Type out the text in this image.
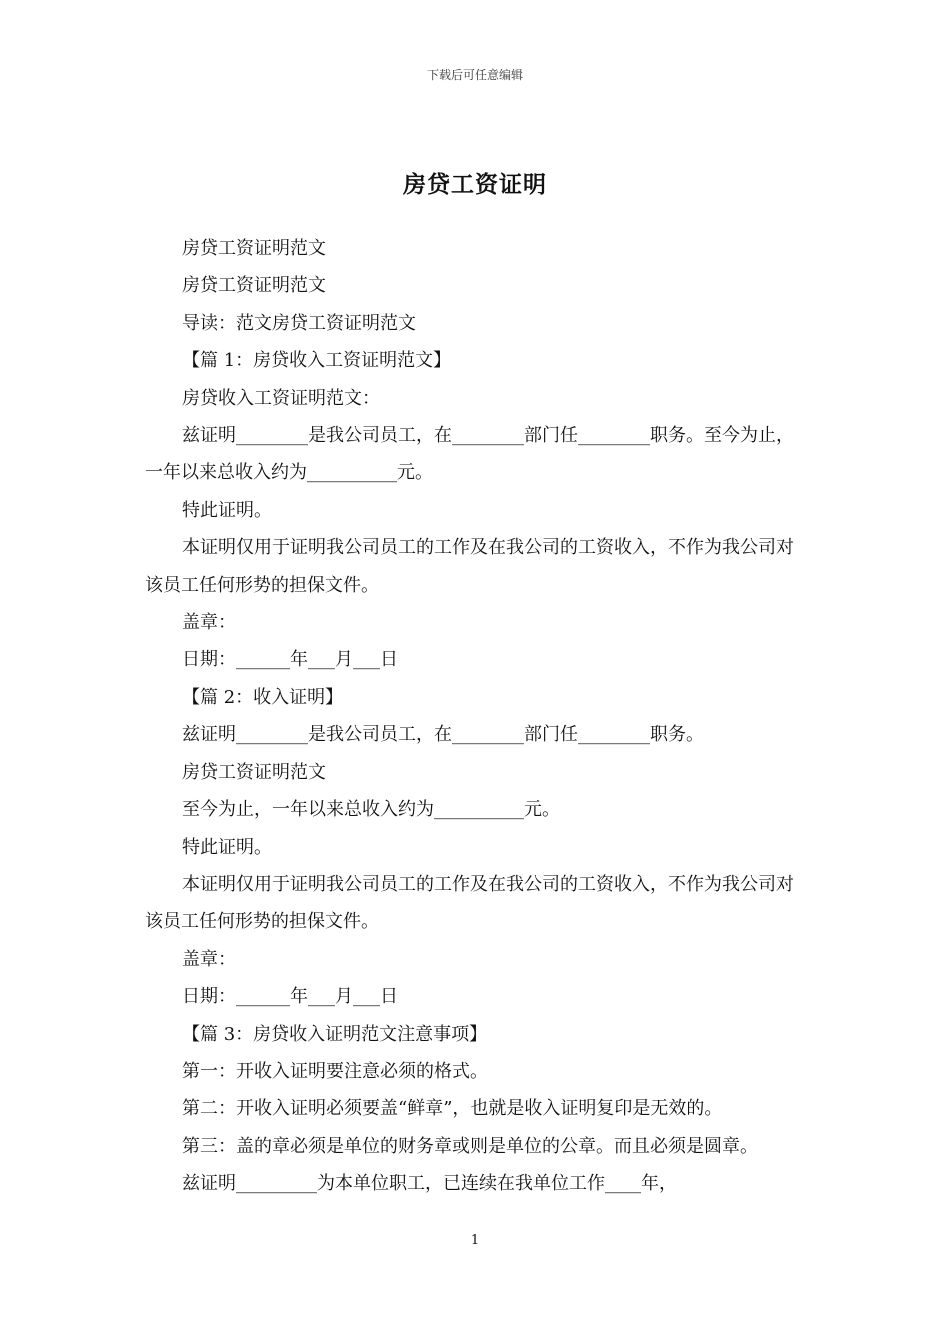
下载后可任意编辑
房贷工资证明

房贷工资证明范文

房贷工资证明范文

导读：范文房贷工资证明范文

【篇 1：房贷收入工资证明范文】

房贷收入工资证明范文：

兹证明________是我公司员工，在________部门任________职务。至今为止，一年以来总收入约为__________元。

特此证明。

本证明仅用于证明我公司员工的工作及在我公司的工资收入，不作为我公司对该员工任何形势的担保文件。

盖章：

日期：______年___月___日

【篇 2：收入证明】

兹证明________是我公司员工，在________部门任________职务。

房贷工资证明范文

至今为止，一年以来总收入约为__________元。

特此证明。

本证明仅用于证明我公司员工的工作及在我公司的工资收入，不作为我公司对该员工任何形势的担保文件。

盖章：

日期：______年___月___日

【篇 3：房贷收入证明范文注意事项】

第一：开收入证明要注意必须的格式。

第二：开收入证明必须要盖“鲜章”，也就是收入证明复印是无效的。

第三：盖的章必须是单位的财务章或则是单位的公章。而且必须是圆章。

兹证明_________为本单位职工，已连续在我单位工作____年，

1
